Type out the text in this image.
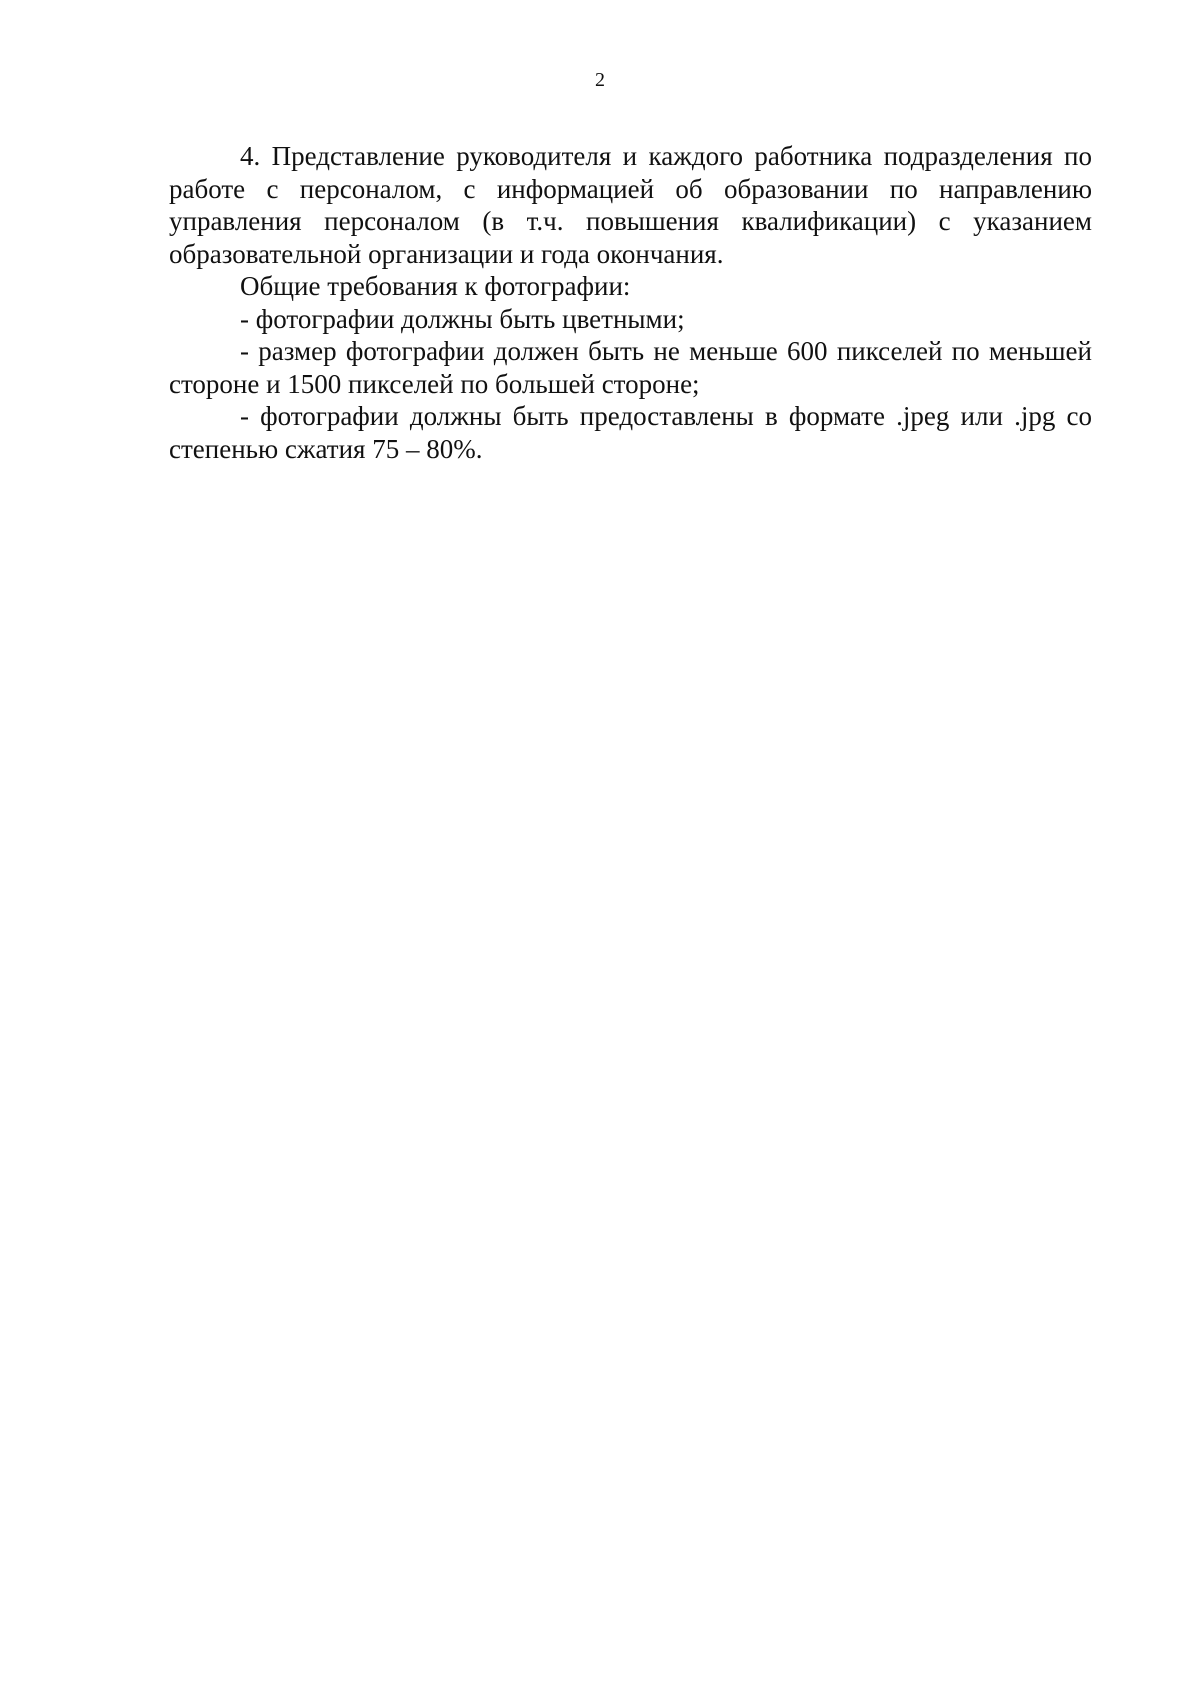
2

4. Представление руководителя и каждого работника подразделения по работе с персоналом, с информацией об образовании по направлению управления персоналом (в т.ч. повышения квалификации) с указанием образовательной организации и года окончания.

Общие требования к фотографии:

- фотографии должны быть цветными;

- размер фотографии должен быть не меньше 600 пикселей по меньшей стороне и 1500 пикселей по большей стороне;

- фотографии должны быть предоставлены в формате .jpeg или .jpg со степенью сжатия 75 – 80%.
